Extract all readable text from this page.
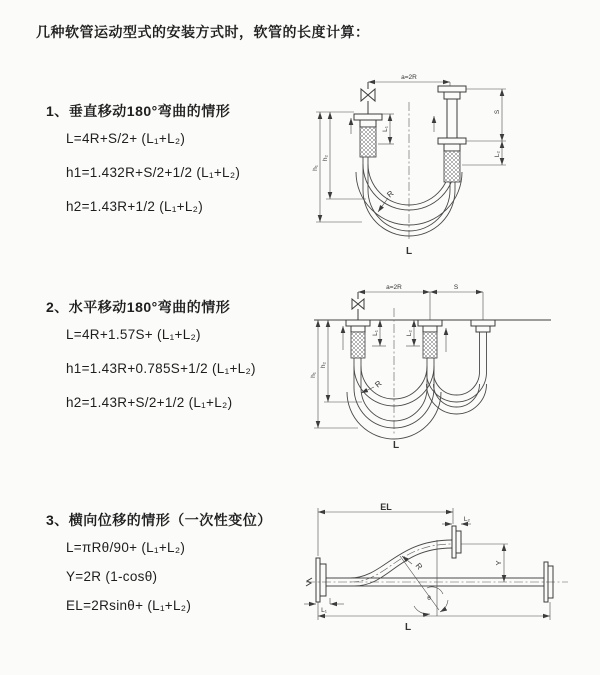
几种软管运动型式的安装方式时，软管的长度计算：
1、垂直移动180°弯曲的情形
L=4R+S/2+ (L₁+L₂)
h1=1.432R+S/2+1/2 (L₁+L₂)
h2=1.43R+1/2 (L₁+L₂)
2、水平移动180°弯曲的情形
L=4R+1.57S+ (L₁+L₂)
h1=1.43R+0.785S+1/2 (L₁+L₂)
h2=1.43R+S/2+1/2 (L₁+L₂)
3、横向位移的情形（一次性变位）
L=πRθ/90+ (L₁+L₂)
Y=2R (1-cosθ)
EL=2Rsinθ+ (L₁+L₂)
a=2R
S
L₂
L₁
h₁
h₂
R
L
a=2R	S
L₁	L₂
h₁
h₂
R
L
θ
R
EL
L₂
Y
L₁
L
